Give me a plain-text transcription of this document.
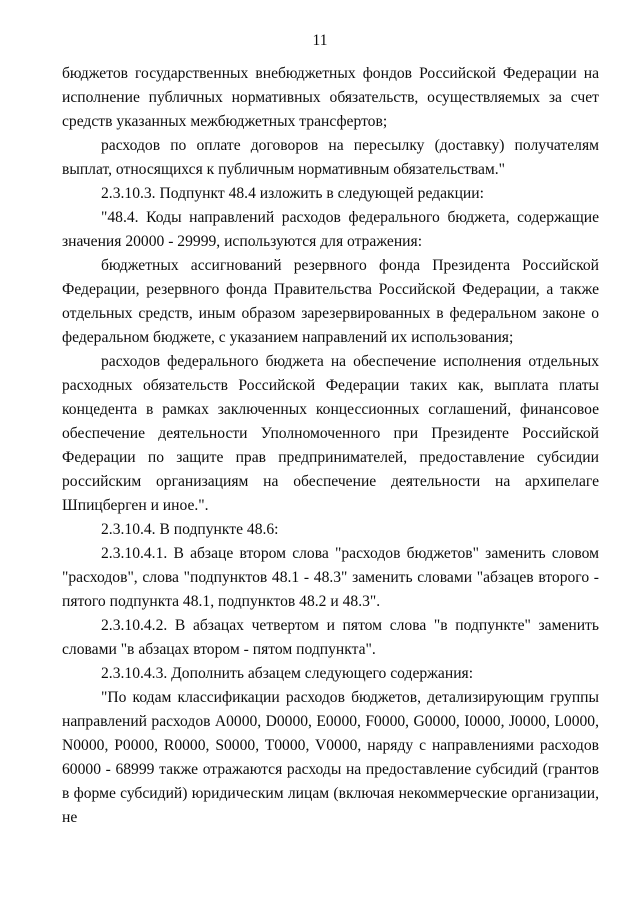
11

бюджетов государственных внебюджетных фондов Российской Федерации на исполнение публичных нормативных обязательств, осуществляемых за счет средств указанных межбюджетных трансфертов;

расходов по оплате договоров на пересылку (доставку) получателям выплат, относящихся к публичным нормативным обязательствам."

2.3.10.3. Подпункт 48.4 изложить в следующей редакции:

"48.4. Коды направлений расходов федерального бюджета, содержащие значения 20000 - 29999, используются для отражения:

бюджетных ассигнований резервного фонда Президента Российской Федерации, резервного фонда Правительства Российской Федерации, а также отдельных средств, иным образом зарезервированных в федеральном законе о федеральном бюджете, с указанием направлений их использования;

расходов федерального бюджета на обеспечение исполнения отдельных расходных обязательств Российской Федерации таких как, выплата платы концедента в рамках заключенных концессионных соглашений, финансовое обеспечение деятельности Уполномоченного при Президенте Российской Федерации по защите прав предпринимателей, предоставление субсидии российским организациям на обеспечение деятельности на архипелаге Шпицберген и иное.".

2.3.10.4. В подпункте 48.6:

2.3.10.4.1. В абзаце втором слова "расходов бюджетов" заменить словом "расходов", слова "подпунктов 48.1 - 48.3" заменить словами "абзацев второго - пятого подпункта 48.1, подпунктов 48.2 и 48.3".

2.3.10.4.2. В абзацах четвертом и пятом слова "в подпункте" заменить словами "в абзацах втором - пятом подпункта".

2.3.10.4.3. Дополнить абзацем следующего содержания:

"По кодам классификации расходов бюджетов, детализирующим группы направлений расходов А0000, D0000, E0000, F0000, G0000, I0000, J0000, L0000, N0000, P0000, R0000, S0000, T0000, V0000, наряду с направлениями расходов 60000 - 68999 также отражаются расходы на предоставление субсидий (грантов в форме субсидий) юридическим лицам (включая некоммерческие организации, не
